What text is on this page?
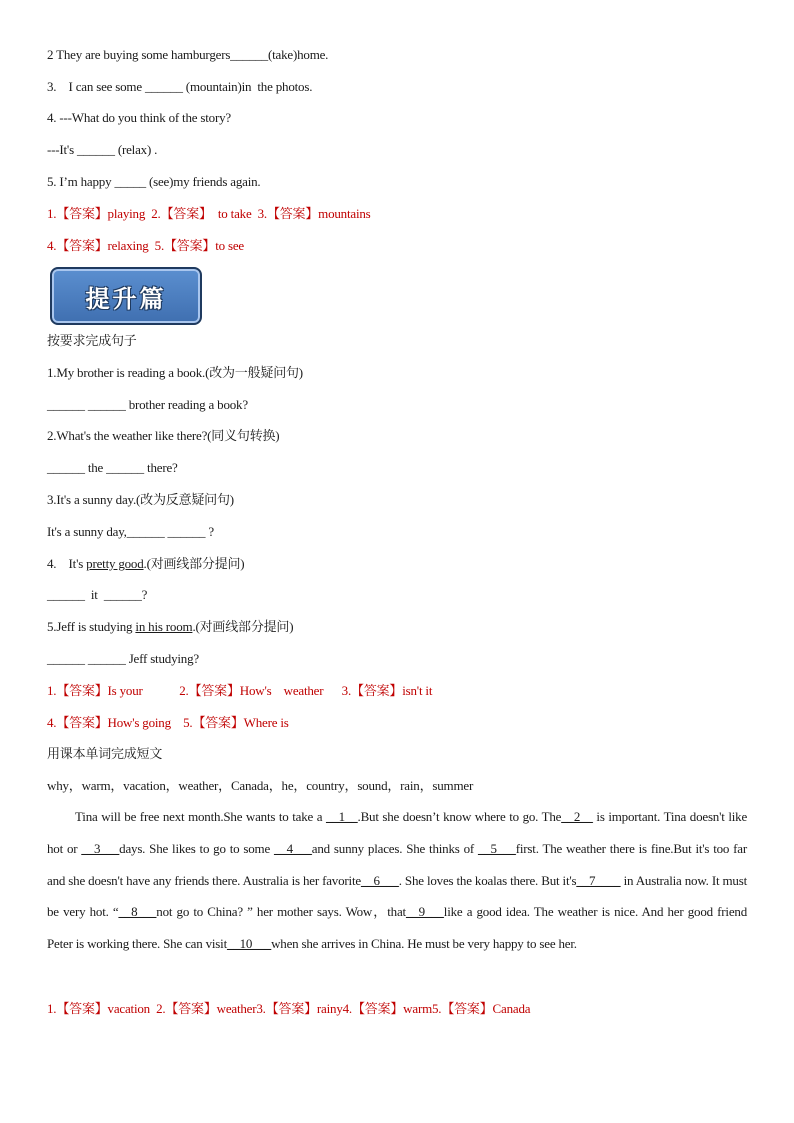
2 They are buying some hamburgers______(take)home.
3.    I can see some ______ (mountain)in  the photos.
4. ---What do you think of the story?
---It's ______ (relax) .
5. I’m happy _____ (see)my friends again.
1.【答案】playing  2.【答案】  to take  3.【答案】mountains
4.【答案】relaxing  5.【答案】to see
提升篇
按要求完成句子
1.My brother is reading a book.(改为一般疑问句)
______ ______ brother reading a book?
2.What's the weather like there?(同义句转换)
______ the ______ there?
3.It's a sunny day.(改为反意疑问句)
It's a sunny day,______ ______ ?
4.    It's pretty good.(对画线部分提问)
______  it  ______?
5.Jeff is studying in his room.(对画线部分提问)
______ ______ Jeff studying?
1.【答案】Is your            2.【答案】How's    weather      3.【答案】isn't it
4.【答案】How's going    5.【答案】Where is
用课本单词完成短文
why，warm，vacation，weather，Canada，he，country，sound，rain，summer
Tina will be free next month.She wants to take a __1__.But she doesn’t know where to go. The__2__ is important. Tina doesn't like hot or __3___days. She likes to go to some __4___and sunny places. She thinks of __5___first. The weather there is fine.But it's too far and she doesn't have any friends there. Australia is her favorite__6___. She loves the koalas there. But it's__7____ in Australia now. It must be very hot. “__8___not go to China? ” her mother says. Wow，that__9___like a good idea. The weather is nice. And her good friend Peter is working there. She can visit__10___when she arrives in China. He must be very happy to see her.
1.【答案】vacation  2.【答案】weather3.【答案】rainy4.【答案】warm5.【答案】Canada
